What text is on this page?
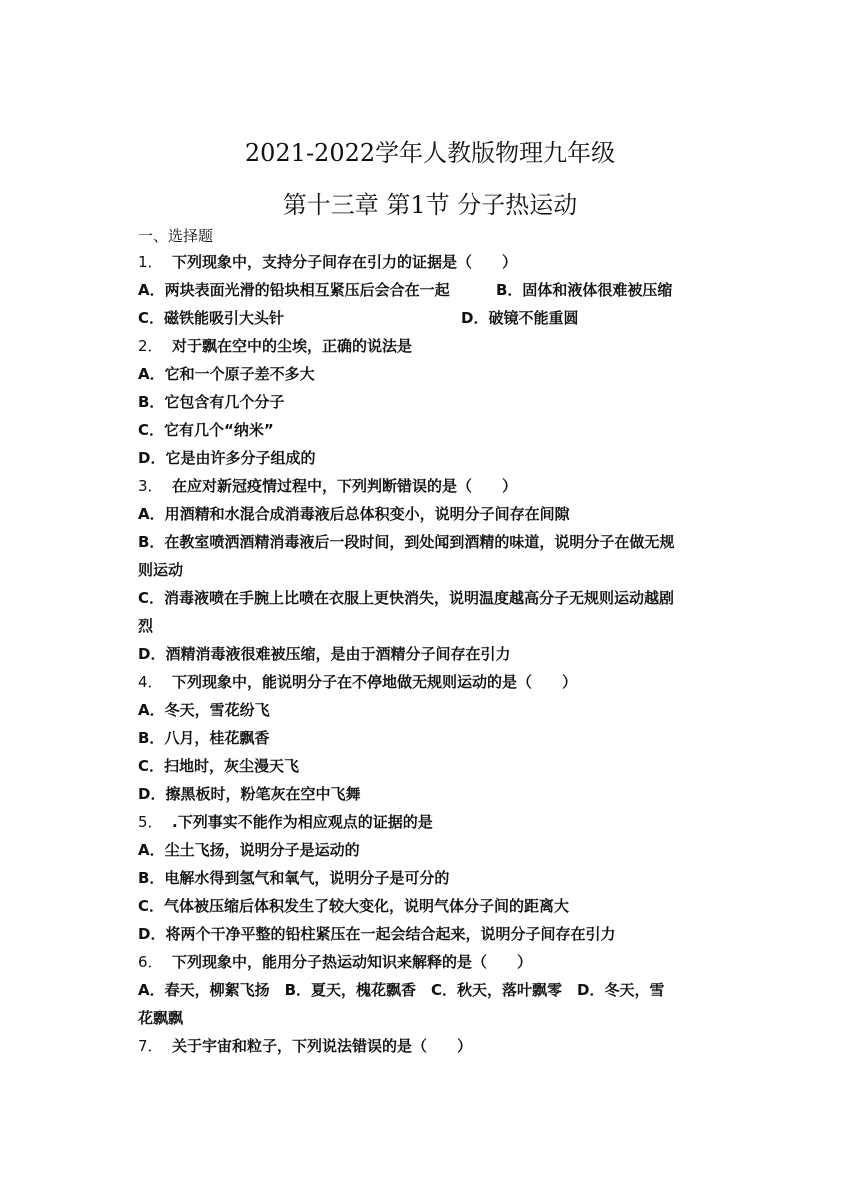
2021-2022学年人教版物理九年级
第十三章 第1节 分子热运动
一、选择题
1． 下列现象中，支持分子间存在引力的证据是（　　）
A．两块表面光滑的铅块相互紧压后会合在一起	B．固体和液体很难被压缩
C．磁铁能吸引大头针	D．破镜不能重圆
2． 对于飘在空中的尘埃，正确的说法是
A．它和一个原子差不多大
B．它包含有几个分子
C．它有几个“纳米”
D．它是由许多分子组成的
3． 在应对新冠疫情过程中，下列判断错误的是（　　）
A．用酒精和水混合成消毒液后总体积变小，说明分子间存在间隙
B．在教室喷洒酒精消毒液后一段时间，到处闻到酒精的味道，说明分子在做无规
则运动
C．消毒液喷在手腕上比喷在衣服上更快消失，说明温度越高分子无规则运动越剧
烈
D．酒精消毒液很难被压缩，是由于酒精分子间存在引力
4． 下列现象中，能说明分子在不停地做无规则运动的是（　　）
A．冬天，雪花纷飞
B．八月，桂花飘香
C．扫地时，灰尘漫天飞
D．擦黑板时，粉笔灰在空中飞舞
5． .下列事实不能作为相应观点的证据的是
A．尘土飞扬，说明分子是运动的
B．电解水得到氢气和氧气，说明分子是可分的
C．气体被压缩后体积发生了较大变化，说明气体分子间的距离大
D．将两个干净平整的铅柱紧压在一起会结合起来，说明分子间存在引力
6． 下列现象中，能用分子热运动知识来解释的是（　　）
A．春天，柳絮飞扬　B．夏天，槐花飘香　C．秋天，落叶飘零　D．冬天，雪
花飘飘
7． 关于宇宙和粒子，下列说法错误的是（　　）
